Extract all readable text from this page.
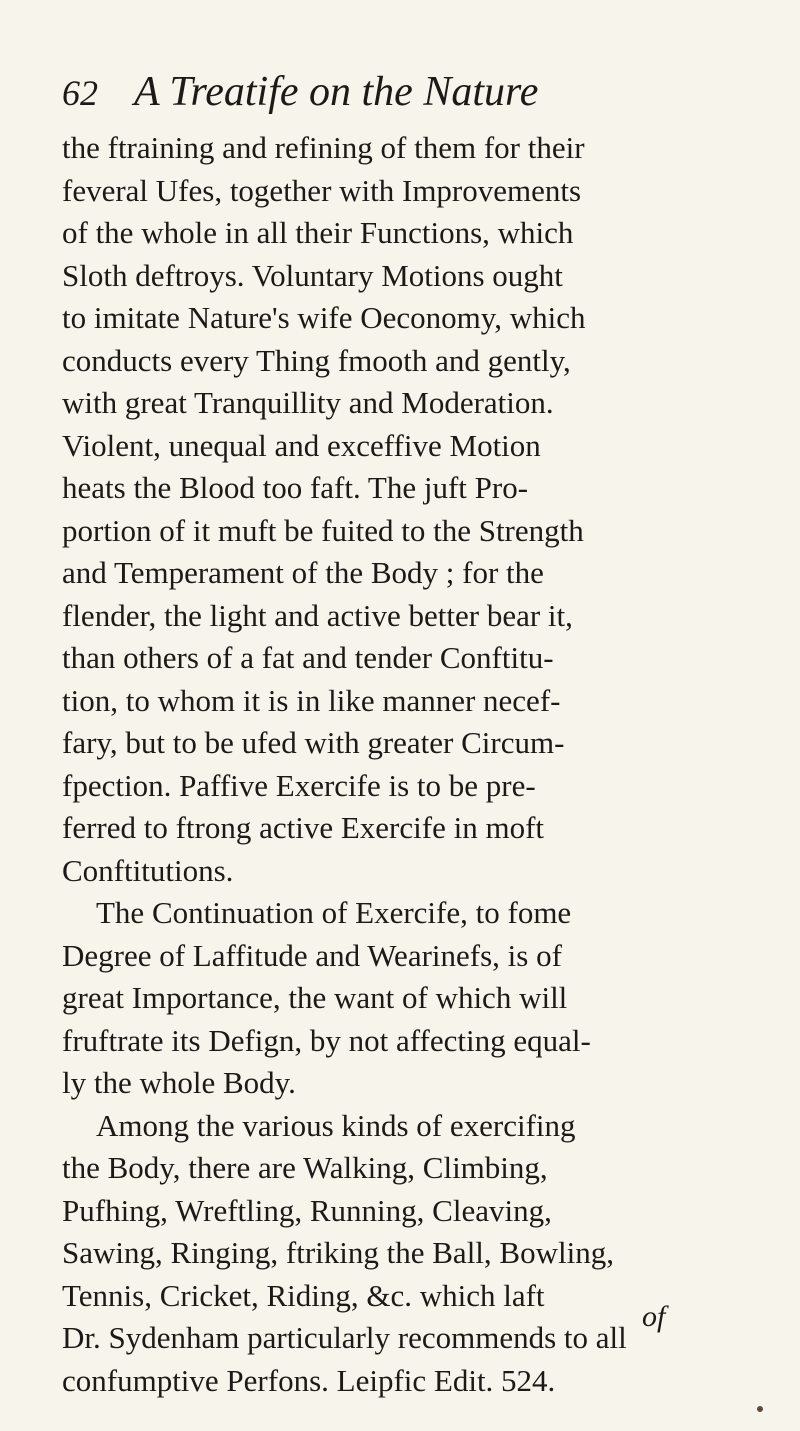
62 A Treatife on the Nature
the ftraining and refining of them for their
feveral Ufes, together with Improvements
of the whole in all their Functions, which
Sloth deftroys. Voluntary Motions ought
to imitate Nature's wife Oeconomy, which
conducts every Thing fmooth and gently,
with great Tranquillity and Moderation.
Violent, unequal and exceffive Motion
heats the Blood too faft. The juft Pro-
portion of it muft be fuited to the Strength
and Temperament of the Body ; for the
flender, the light and active better bear it,
than others of a fat and tender Conftitu-
tion, to whom it is in like manner necef-
fary, but to be ufed with greater Circum-
fpection. Paffive Exercife is to be pre-
ferred to ftrong active Exercife in moft
Conftitutions.
The Continuation of Exercife, to fome
Degree of Laffitude and Wearinefs, is of
great Importance, the want of which will
fruftrate its Defign, by not affecting equal-
ly the whole Body.
Among the various kinds of exercifing
the Body, there are Walking, Climbing,
Pufhing, Wreftling, Running, Cleaving,
Sawing, Ringing, ftriking the Ball, Bowling,
Tennis, Cricket, Riding, &c. which laft
Dr. Sydenham particularly recommends to all
confumptive Perfons. Leipfic Edit. 524.
of
